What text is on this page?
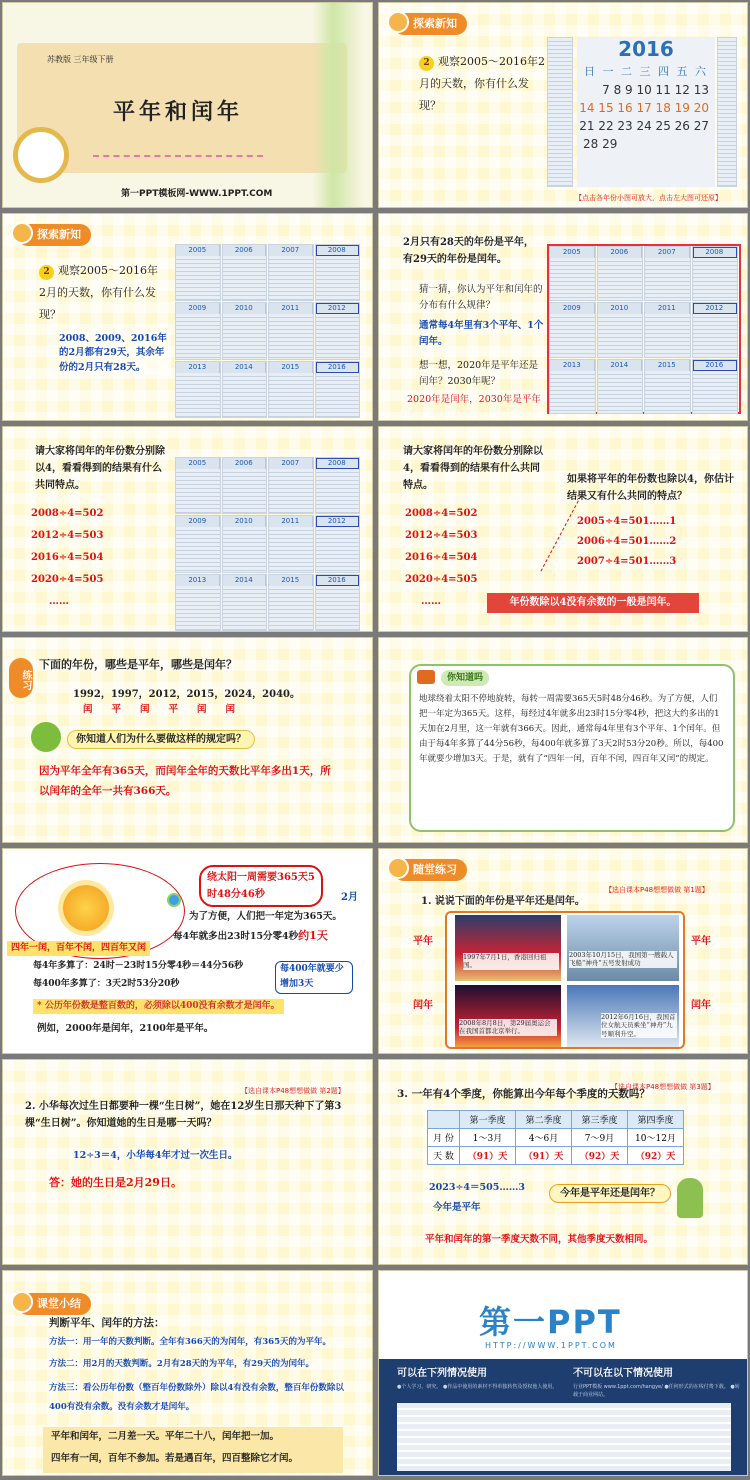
苏教版 三年级下册
平年和闰年
第一PPT模板网-WWW.1PPT.COM
探索新知
2 观察2005～2016年2月的天数，你有什么发现？
2016
日 一 二 三 四 五 六
7 8 9 10 11 12 13
14 15 16 17 18 19 20
21 22 23 24 25 26 27
28 29
【点击各年份小图可放大，点击左大图可还原】
探索新知
2 观察2005～2016年2月的天数，你有什么发现？
2008、2009、2016年的2月都有29天，其余年份的2月只有28天。
2005	2006	2007	2008
2009	2010	2011	2012
2013	2014	2015	2016
2月只有28天的年份是平年，有29天的年份是闰年。
猜一猜，你认为平年和闰年的分布有什么规律？
通常每4年里有3个平年、1个闰年。
想一想，2020年是平年还是闰年？2030年呢？
2020年是闰年，2030年是平年
2005	2006	2007	2008
2009	2010	2011	2012
2013	2014	2015	2016
请大家将闰年的年份数分别除以4，看看得到的结果有什么共同特点。
2008÷4=502
2012÷4=503
2016÷4=504
2020÷4=505
……
2005	2006	2007	2008
2009	2010	2011	2012
2013	2014	2015	2016
请大家将闰年的年份数分别除以4，看看得到的结果有什么共同特点。
2008÷4=502
2012÷4=503
2016÷4=504
2020÷4=505
……
如果将平年的年份数也除以4，你估计结果又有什么共同的特点？
2005÷4=501……1
2006÷4=501……2
2007÷4=501……3
年份数除以4没有余数的一般是闰年。
练习
下面的年份，哪些是平年，哪些是闰年？
1992，1997，2012，2015，2024，2040。
闰　　平　　闰　　平　　闰　　闰
你知道人们为什么要做这样的规定吗？
因为平年全年有365天，而闰年全年的天数比平年多出1天，所以闰年的全年一共有366天。
你知道吗
地球绕着太阳不停地旋转，每转一周需要365天5时48分46秒。为了方便，人们把一年定为365天。这样，每经过4年就多出23时15分零4秒，把这大约多出的1天加在2月里，这一年就有366天。因此，通常每4年里有3个平年、1个闰年。但由于每4年多算了44分56秒，每400年就多算了3天2时53分20秒。所以，每400年就要少增加3天。于是，就有了“四年一闰，百年不闰，四百年又闰”的规定。
绕太阳一周需要365天5时48分46秒	2月
为了方便，人们把一年定为365天。
每4年就多出23时15分零4秒约1天
四年一闰，百年不闰，四百年又闰
每4年多算了：24时－23时15分零4秒＝44分56秒
每400年多算了：3天2时53分20秒
每400年就要少增加3天
* 公历年份数是整百数的，必须除以400没有余数才是闰年。
例如，2000年是闰年，2100年是平年。
随堂练习
【选自课本P48想想做做 第1题】
1. 说说下面的年份是平年还是闰年。
平年	平年
闰年	闰年
1997年7月1日，香港回归祖国。
2003年10月15日，我国第一艘载人飞船“神舟”五号发射成功
2008年8月8日，第29届奥运会在我国首都北京举行。
2012年6月16日，我国首位女航天员乘坐“神舟”九号顺利升空。
【选自课本P48想想做做 第2题】
2. 小华每次过生日都要种一棵“生日树”，她在12岁生日那天种下了第3棵“生日树”。你知道她的生日是哪一天吗？
12÷3＝4，小华每4年才过一次生日。
答：她的生日是2月29日。
【选自课本P48想想做做 第3题】
3. 一年有4个季度，你能算出今年每个季度的天数吗？
	第一季度	第二季度	第三季度	第四季度
月 份	1～3月	4～6月	7～9月	10～12月
天 数	（91）天	（91）天	（92）天	（92）天
2023÷4＝505……3
今年是平年
今年是平年还是闰年？
平年和闰年的第一季度天数不同，其他季度天数相同。
课堂小结
判断平年、闰年的方法：
方法一：用一年的天数判断。全年有366天的为闰年，有365天的为平年。
方法二：用2月的天数判断。2月有28天的为平年，有29天的为闰年。
方法三：看公历年份数（整百年份数除外）除以4有没有余数，整百年份数除以400有没有余数。没有余数才是闰年。
平年和闰年，二月差一天。平年二十八，闰年把一加。
四年有一闰，百年不参加。若是遇百年，四百整除它才闰。
第一PPT
HTTP://WWW.1PPT.COM
可以在下列情况使用	不可以在以下情况使用
●个人学习、研究。 ●作品中使用的素材不得单独转售及授权他人使用。	行业PPT模板 www.1ppt.com/hangye/ ●任何形式的在线付费下载。 ●转载于商业网站。
